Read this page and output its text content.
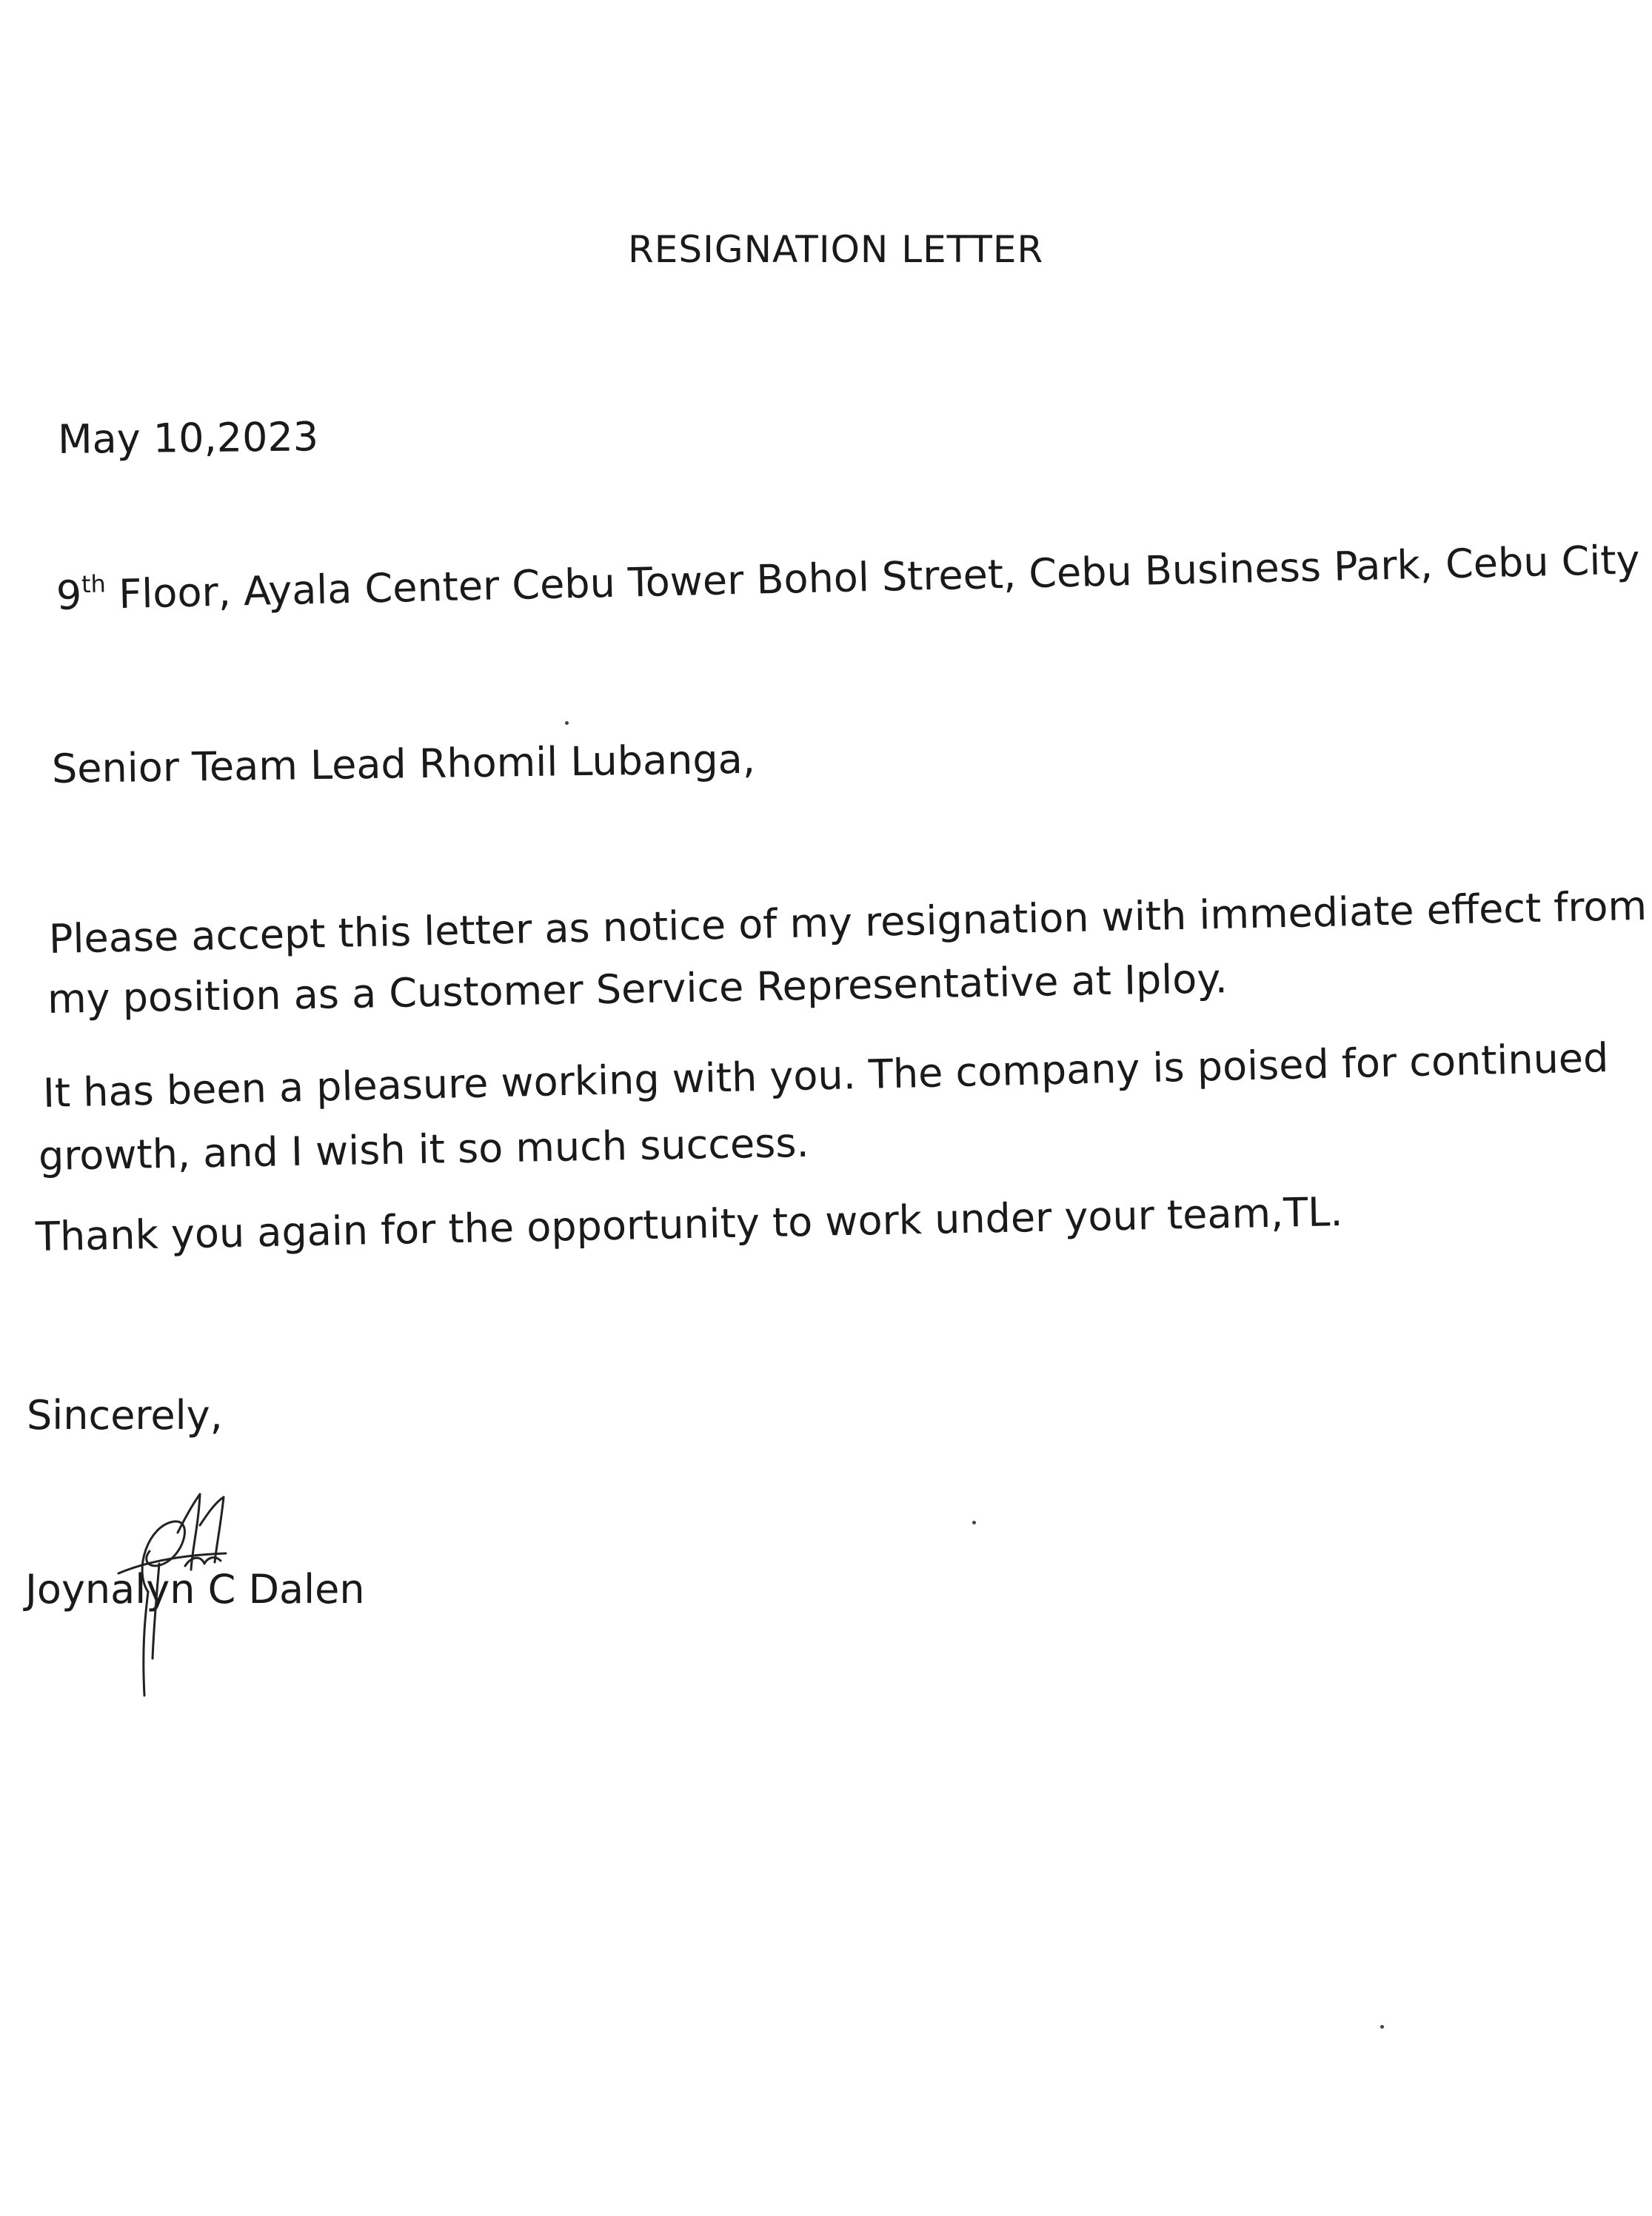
RESIGNATION LETTER
May 10,2023
9th Floor, Ayala Center Cebu Tower Bohol Street, Cebu Business Park, Cebu City
Senior Team Lead Rhomil Lubanga,
Please accept this letter as notice of my resignation with immediate effect from
my position as a Customer Service Representative at Iploy.
It has been a pleasure working with you. The company is poised for continued
growth, and I wish it so much success.
Thank you again for the opportunity to work under your team,TL.
Sincerely,
Joynalyn C Dalen
